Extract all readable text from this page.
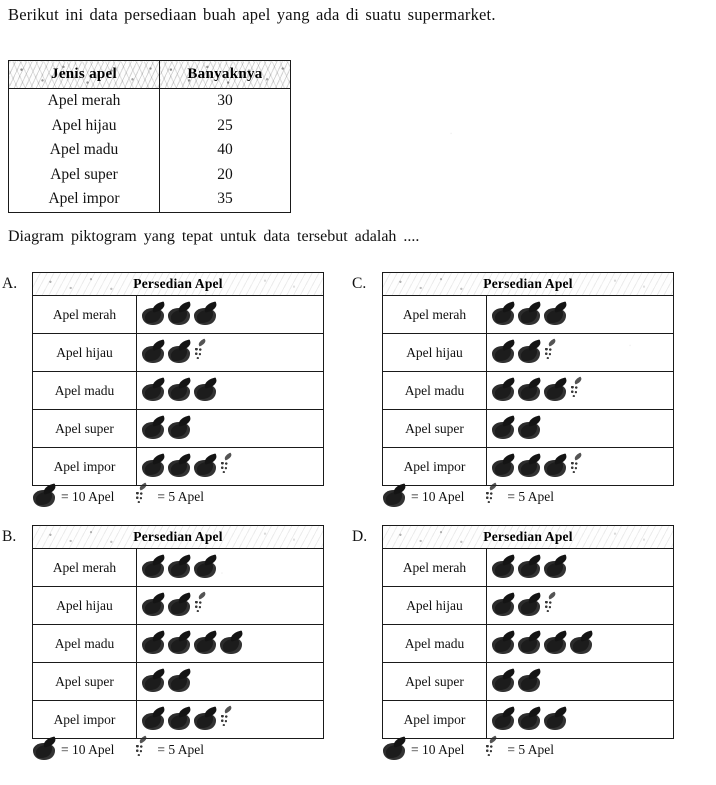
Berikut ini data persediaan buah apel yang ada di suatu supermarket.
Jenis apel	Banyaknya
Apel merah	30
Apel hijau	25
Apel madu	40
Apel super	20
Apel impor	35
Diagram piktogram yang tepat untuk data tersebut adalah ....
A.	Persedian Apel
Apel merah
Apel hijau
Apel madu
Apel super
Apel impor
= 10 Apel	= 5 Apel
B.	Persedian Apel
Apel merah
Apel hijau
Apel madu
Apel super
Apel impor
= 10 Apel	= 5 Apel
C.	Persedian Apel
Apel merah
Apel hijau
Apel madu
Apel super
Apel impor
= 10 Apel	= 5 Apel
D.	Persedian Apel
Apel merah
Apel hijau
Apel madu
Apel super
Apel impor
= 10 Apel	= 5 Apel
